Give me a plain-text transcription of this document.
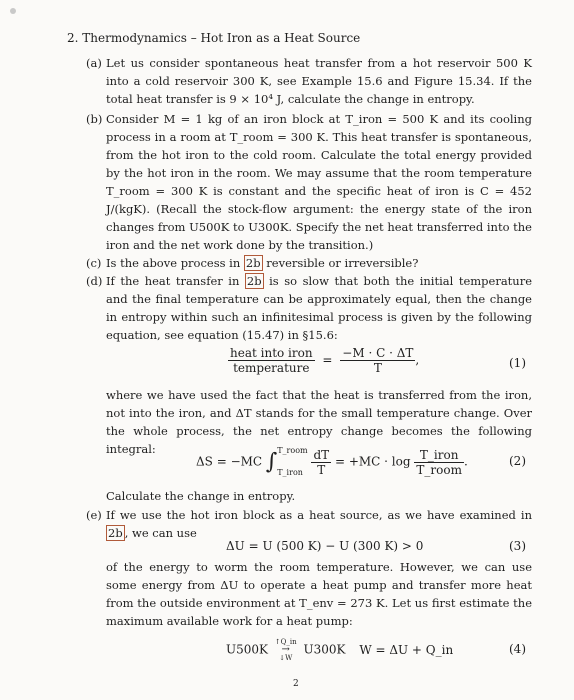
2. Thermodynamics – Hot Iron as a Heat Source
(a) Let us consider spontaneous heat transfer from a hot reservoir 500 K into a cold reservoir 300 K, see Example 15.6 and Figure 15.34. If the total heat transfer is 9 × 10⁴ J, calculate the change in entropy.
(b) Consider M = 1 kg of an iron block at T_iron = 500 K and its cooling process in a room at T_room = 300 K. This heat transfer is spontaneous, from the hot iron to the cold room. Calculate the total energy provided by the hot iron in the room. We may assume that the room temperature T_room = 300 K is constant and the specific heat of iron is C = 452 J/(kgK). (Recall the stock-flow argument: the energy state of the iron changes from U500K to U300K. Specify the net heat transferred into the iron and the net work done by the transition.)
(c) Is the above process in 2b reversible or irreversible?
(d) If the heat transfer in 2b is so slow that both the initial temperature and the final temperature can be approximately equal, then the change in entropy within such an infinitesimal process is given by the following equation, see equation (15.47) in §15.6:
$\frac{\text{heat into iron}}{\text{temperature}} = \frac{-M \cdot C \cdot \Delta T}{T}$ ,	(1)
where we have used the fact that the heat is transferred from the iron, not into the iron, and ΔT stands for the small temperature change. Over the whole process, the net entropy change becomes the following integral:
ΔS = −MC ∫ T_room
T_iron
$\frac{dT}{T} = +MC \cdot \log \frac{\text{T\_iron}}{\text{T\_room}}$ .	(2)
Calculate the change in entropy.
(e) If we use the hot iron block as a heat source, as we have examined in 2b , we can use
ΔU = U (500 K) − U (300 K) > 0	(3)
of the energy to worm the room temperature. However, we can use some energy from ΔU to operate a heat pump and transfer more heat from the outside environment at T_env = 273 K. Let us first estimate the maximum available work for a heat pump:
U500K
↑Q_in
→
↓W
U300K W = ΔU + Q_in	(4)
2
